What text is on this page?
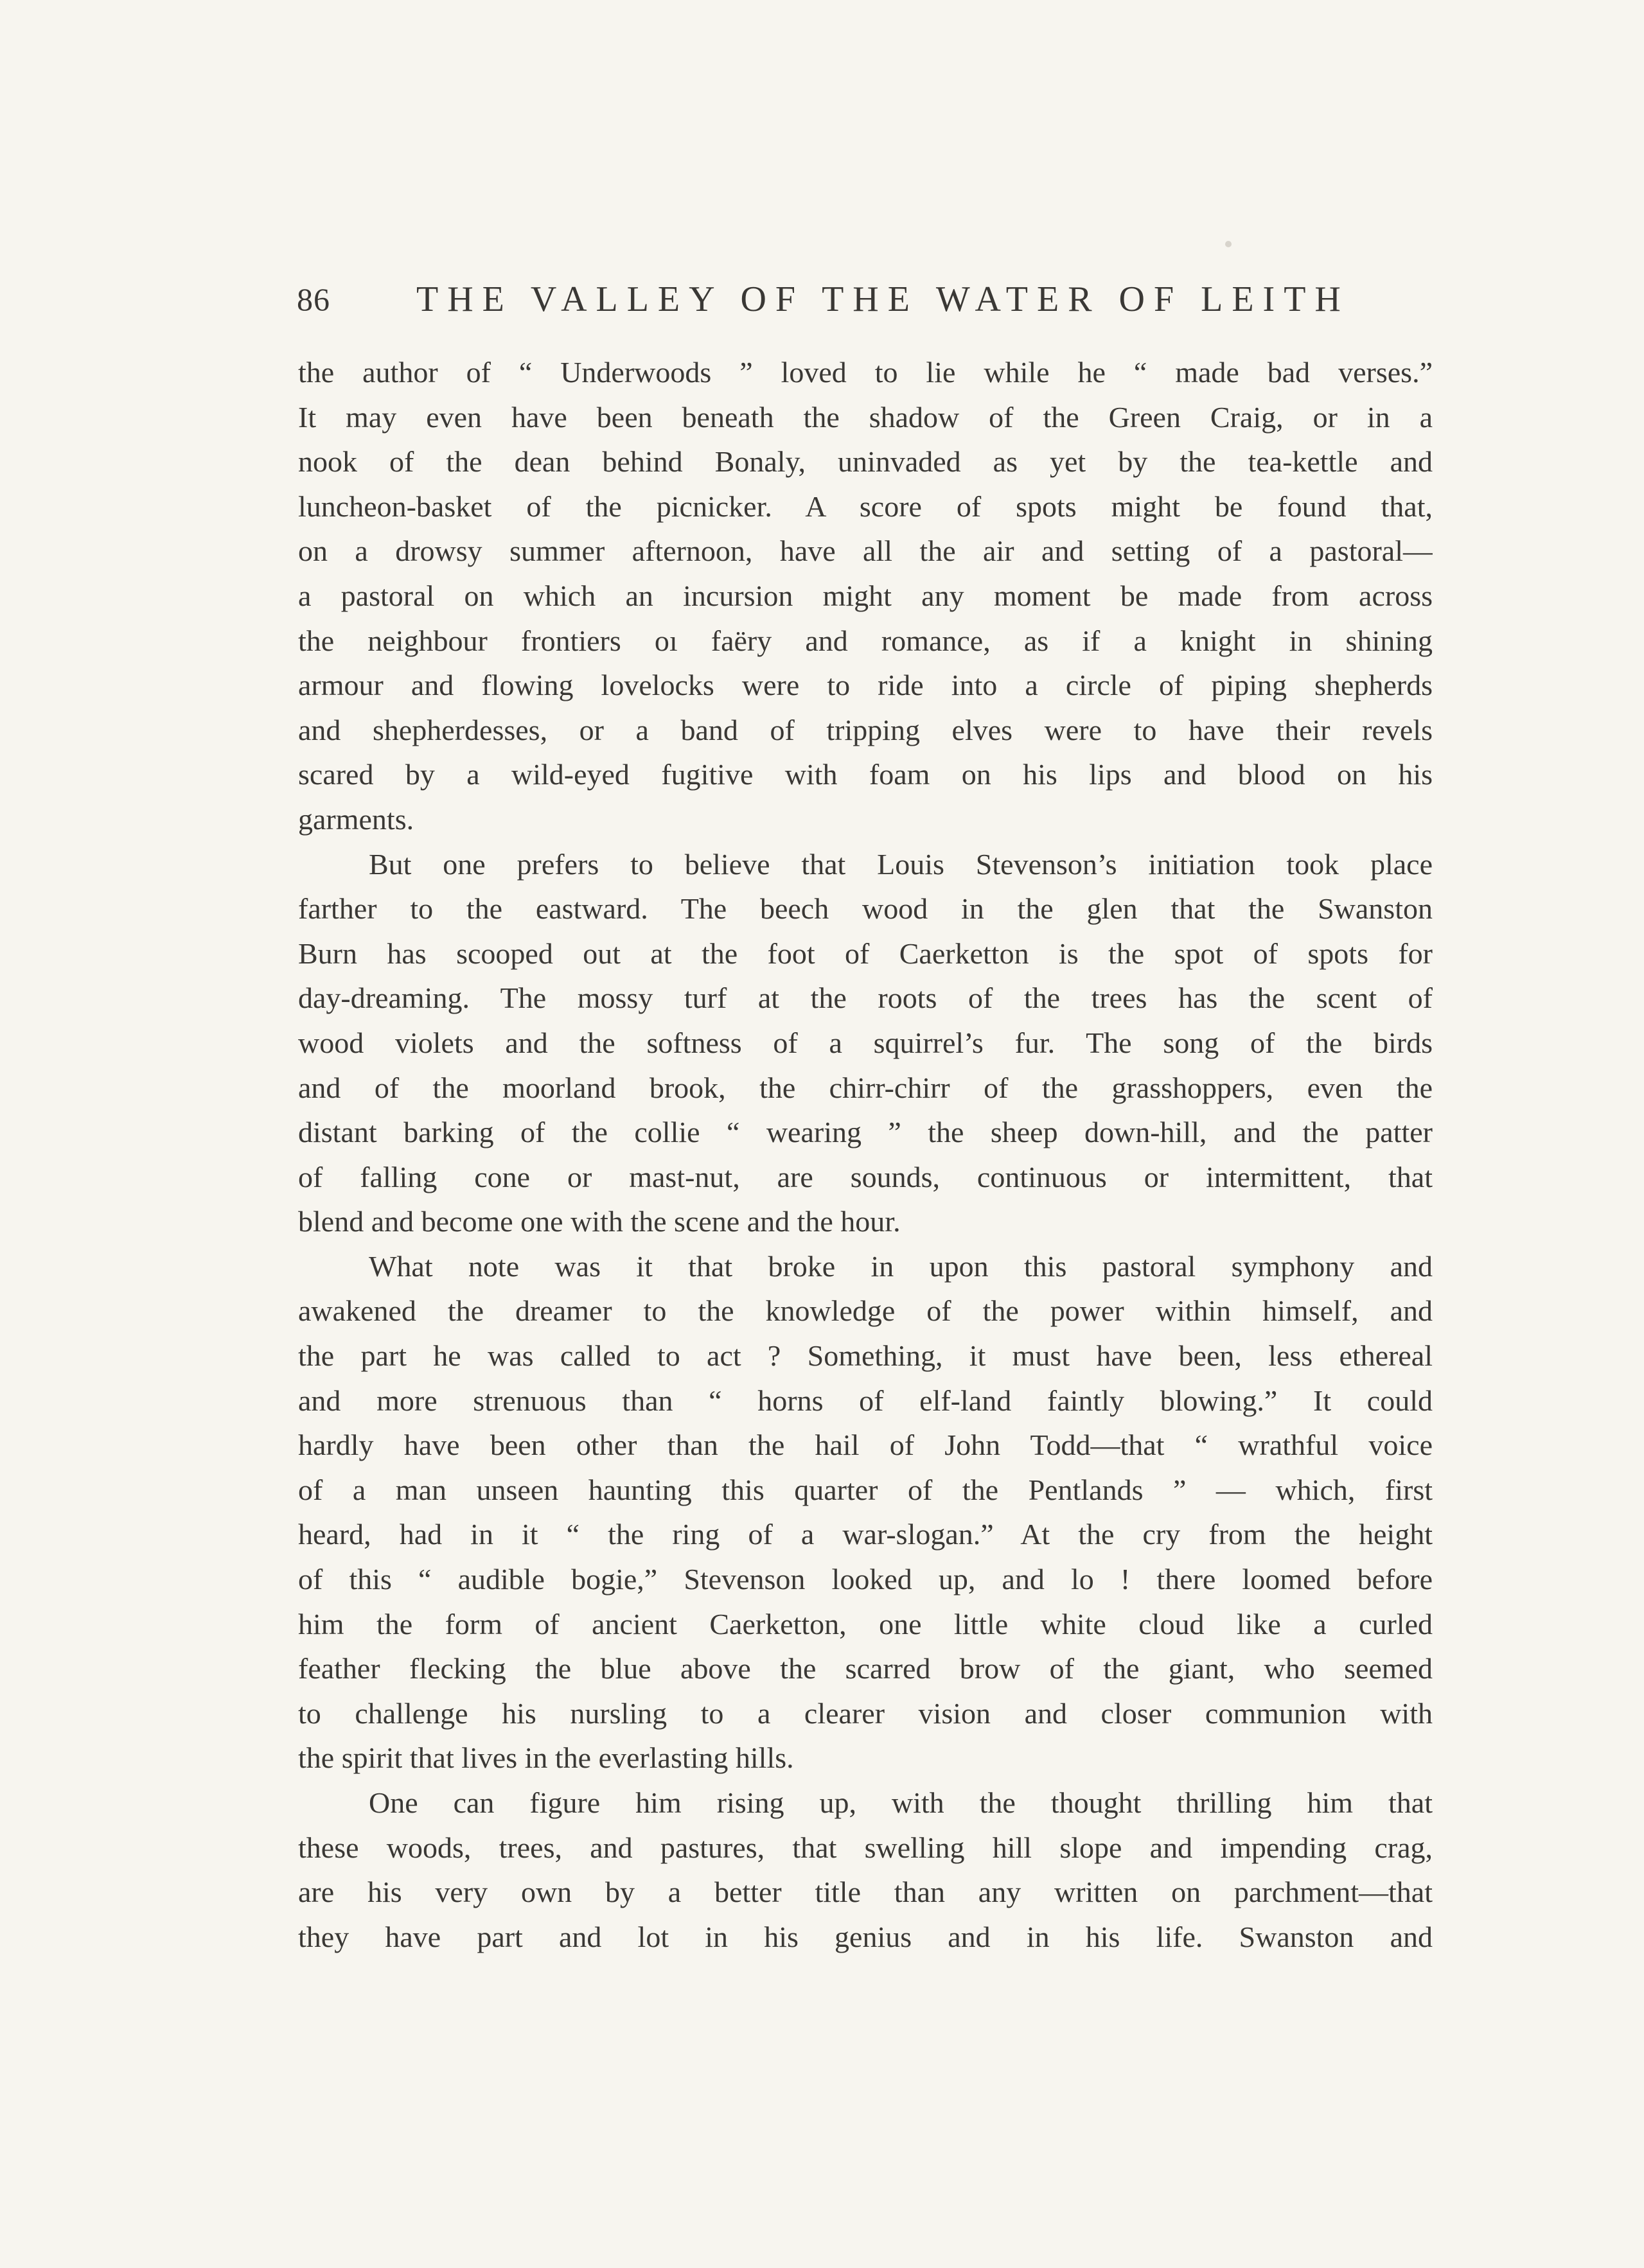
86 THE VALLEY OF THE WATER OF LEITH
the author of “ Underwoods ” loved to lie while he “ made bad verses.”
It may even have been beneath the shadow of the Green Craig, or in a
nook of the dean behind Bonaly, uninvaded as yet by the tea-kettle and
luncheon-basket of the picnicker. A score of spots might be found that,
on a drowsy summer afternoon, have all the air and setting of a pastoral—
a pastoral on which an incursion might any moment be made from across
the neighbour frontiers oı faëry and romance, as if a knight in shining
armour and flowing lovelocks were to ride into a circle of piping shepherds
and shepherdesses, or a band of tripping elves were to have their revels
scared by a wild-eyed fugitive with foam on his lips and blood on his
garments.
But one prefers to believe that Louis Stevenson’s initiation took place
farther to the eastward. The beech wood in the glen that the Swanston
Burn has scooped out at the foot of Caerketton is the spot of spots for
day-dreaming. The mossy turf at the roots of the trees has the scent of
wood violets and the softness of a squirrel’s fur. The song of the birds
and of the moorland brook, the chirr-chirr of the grasshoppers, even the
distant barking of the collie “ wearing ” the sheep down-hill, and the patter
of falling cone or mast-nut, are sounds, continuous or intermittent, that
blend and become one with the scene and the hour.
What note was it that broke in upon this pastoral symphony and
awakened the dreamer to the knowledge of the power within himself, and
the part he was called to act ? Something, it must have been, less ethereal
and more strenuous than “ horns of elf-land faintly blowing.” It could
hardly have been other than the hail of John Todd—that “ wrathful voice
of a man unseen haunting this quarter of the Pentlands ” — which, first
heard, had in it “ the ring of a war-slogan.” At the cry from the height
of this “ audible bogie,” Stevenson looked up, and lo ! there loomed before
him the form of ancient Caerketton, one little white cloud like a curled
feather flecking the blue above the scarred brow of the giant, who seemed
to challenge his nursling to a clearer vision and closer communion with
the spirit that lives in the everlasting hills.
One can figure him rising up, with the thought thrilling him that
these woods, trees, and pastures, that swelling hill slope and impending crag,
are his very own by a better title than any written on parchment—that
they have part and lot in his genius and in his life. Swanston and
